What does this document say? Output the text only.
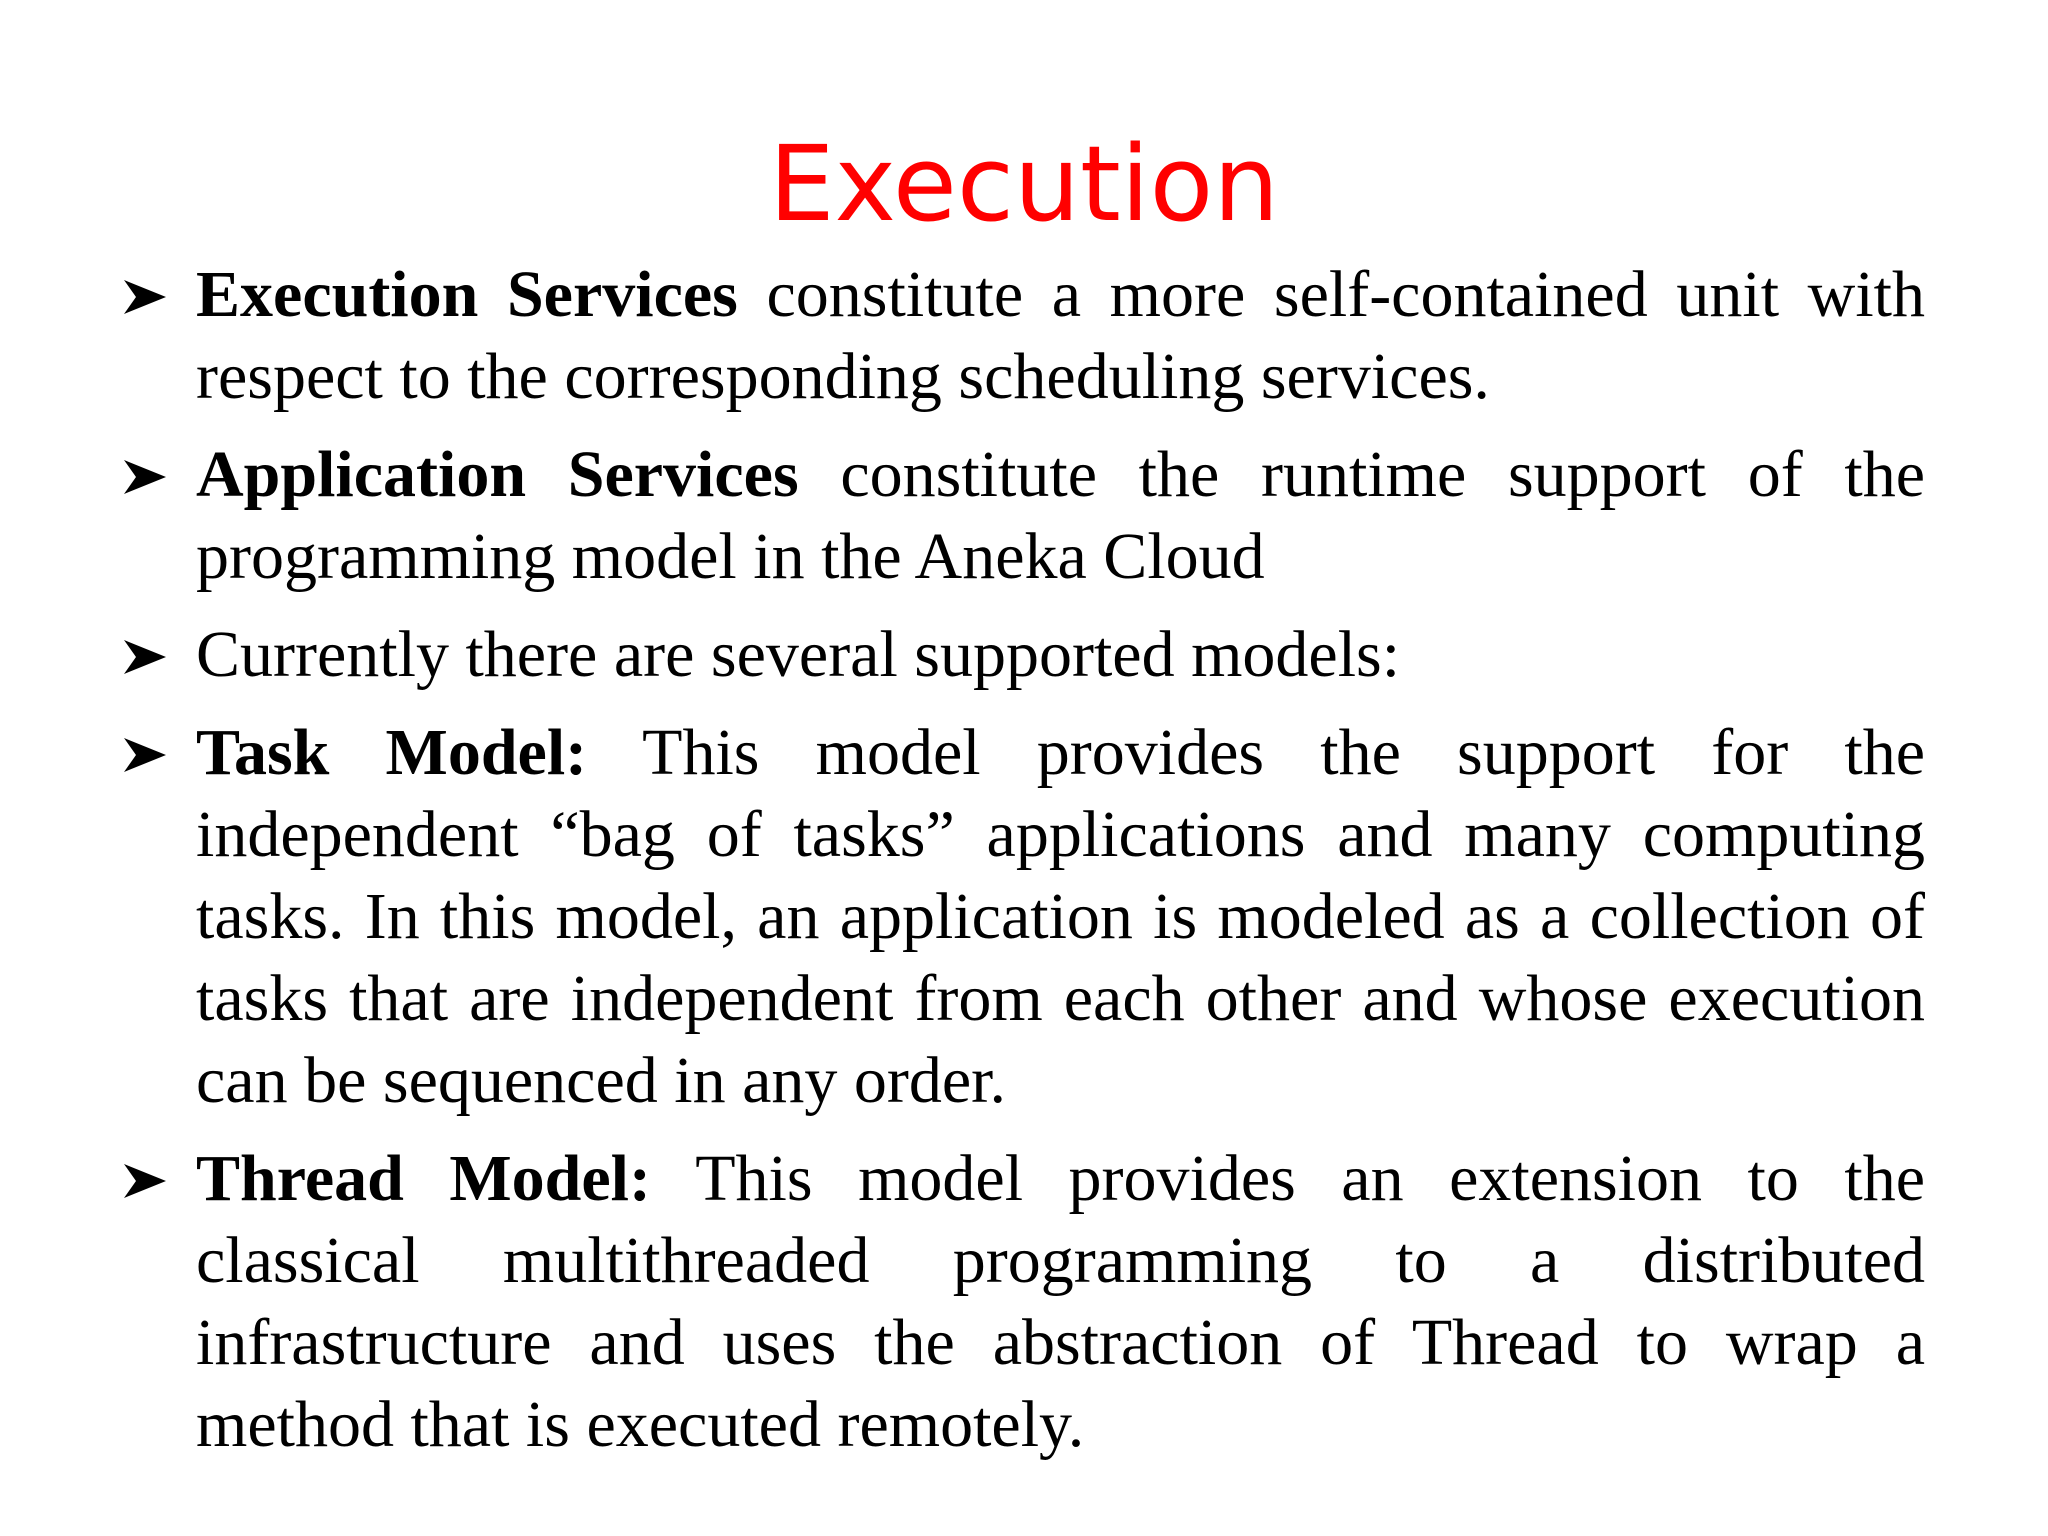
Execution
Execution Services constitute a more self-contained unit with respect to the corresponding scheduling services.
Application Services constitute the runtime support of the programming model in the Aneka Cloud
Currently there are several supported models:
Task Model: This model provides the support for the independent “bag of tasks” applications and many computing tasks. In this model, an application is modeled as a collection of tasks that are independent from each other and whose execution can be sequenced in any order.
Thread Model: This model provides an extension to the classical multithreaded programming to a distributed infrastructure and uses the abstraction of Thread to wrap a method that is executed remotely.
